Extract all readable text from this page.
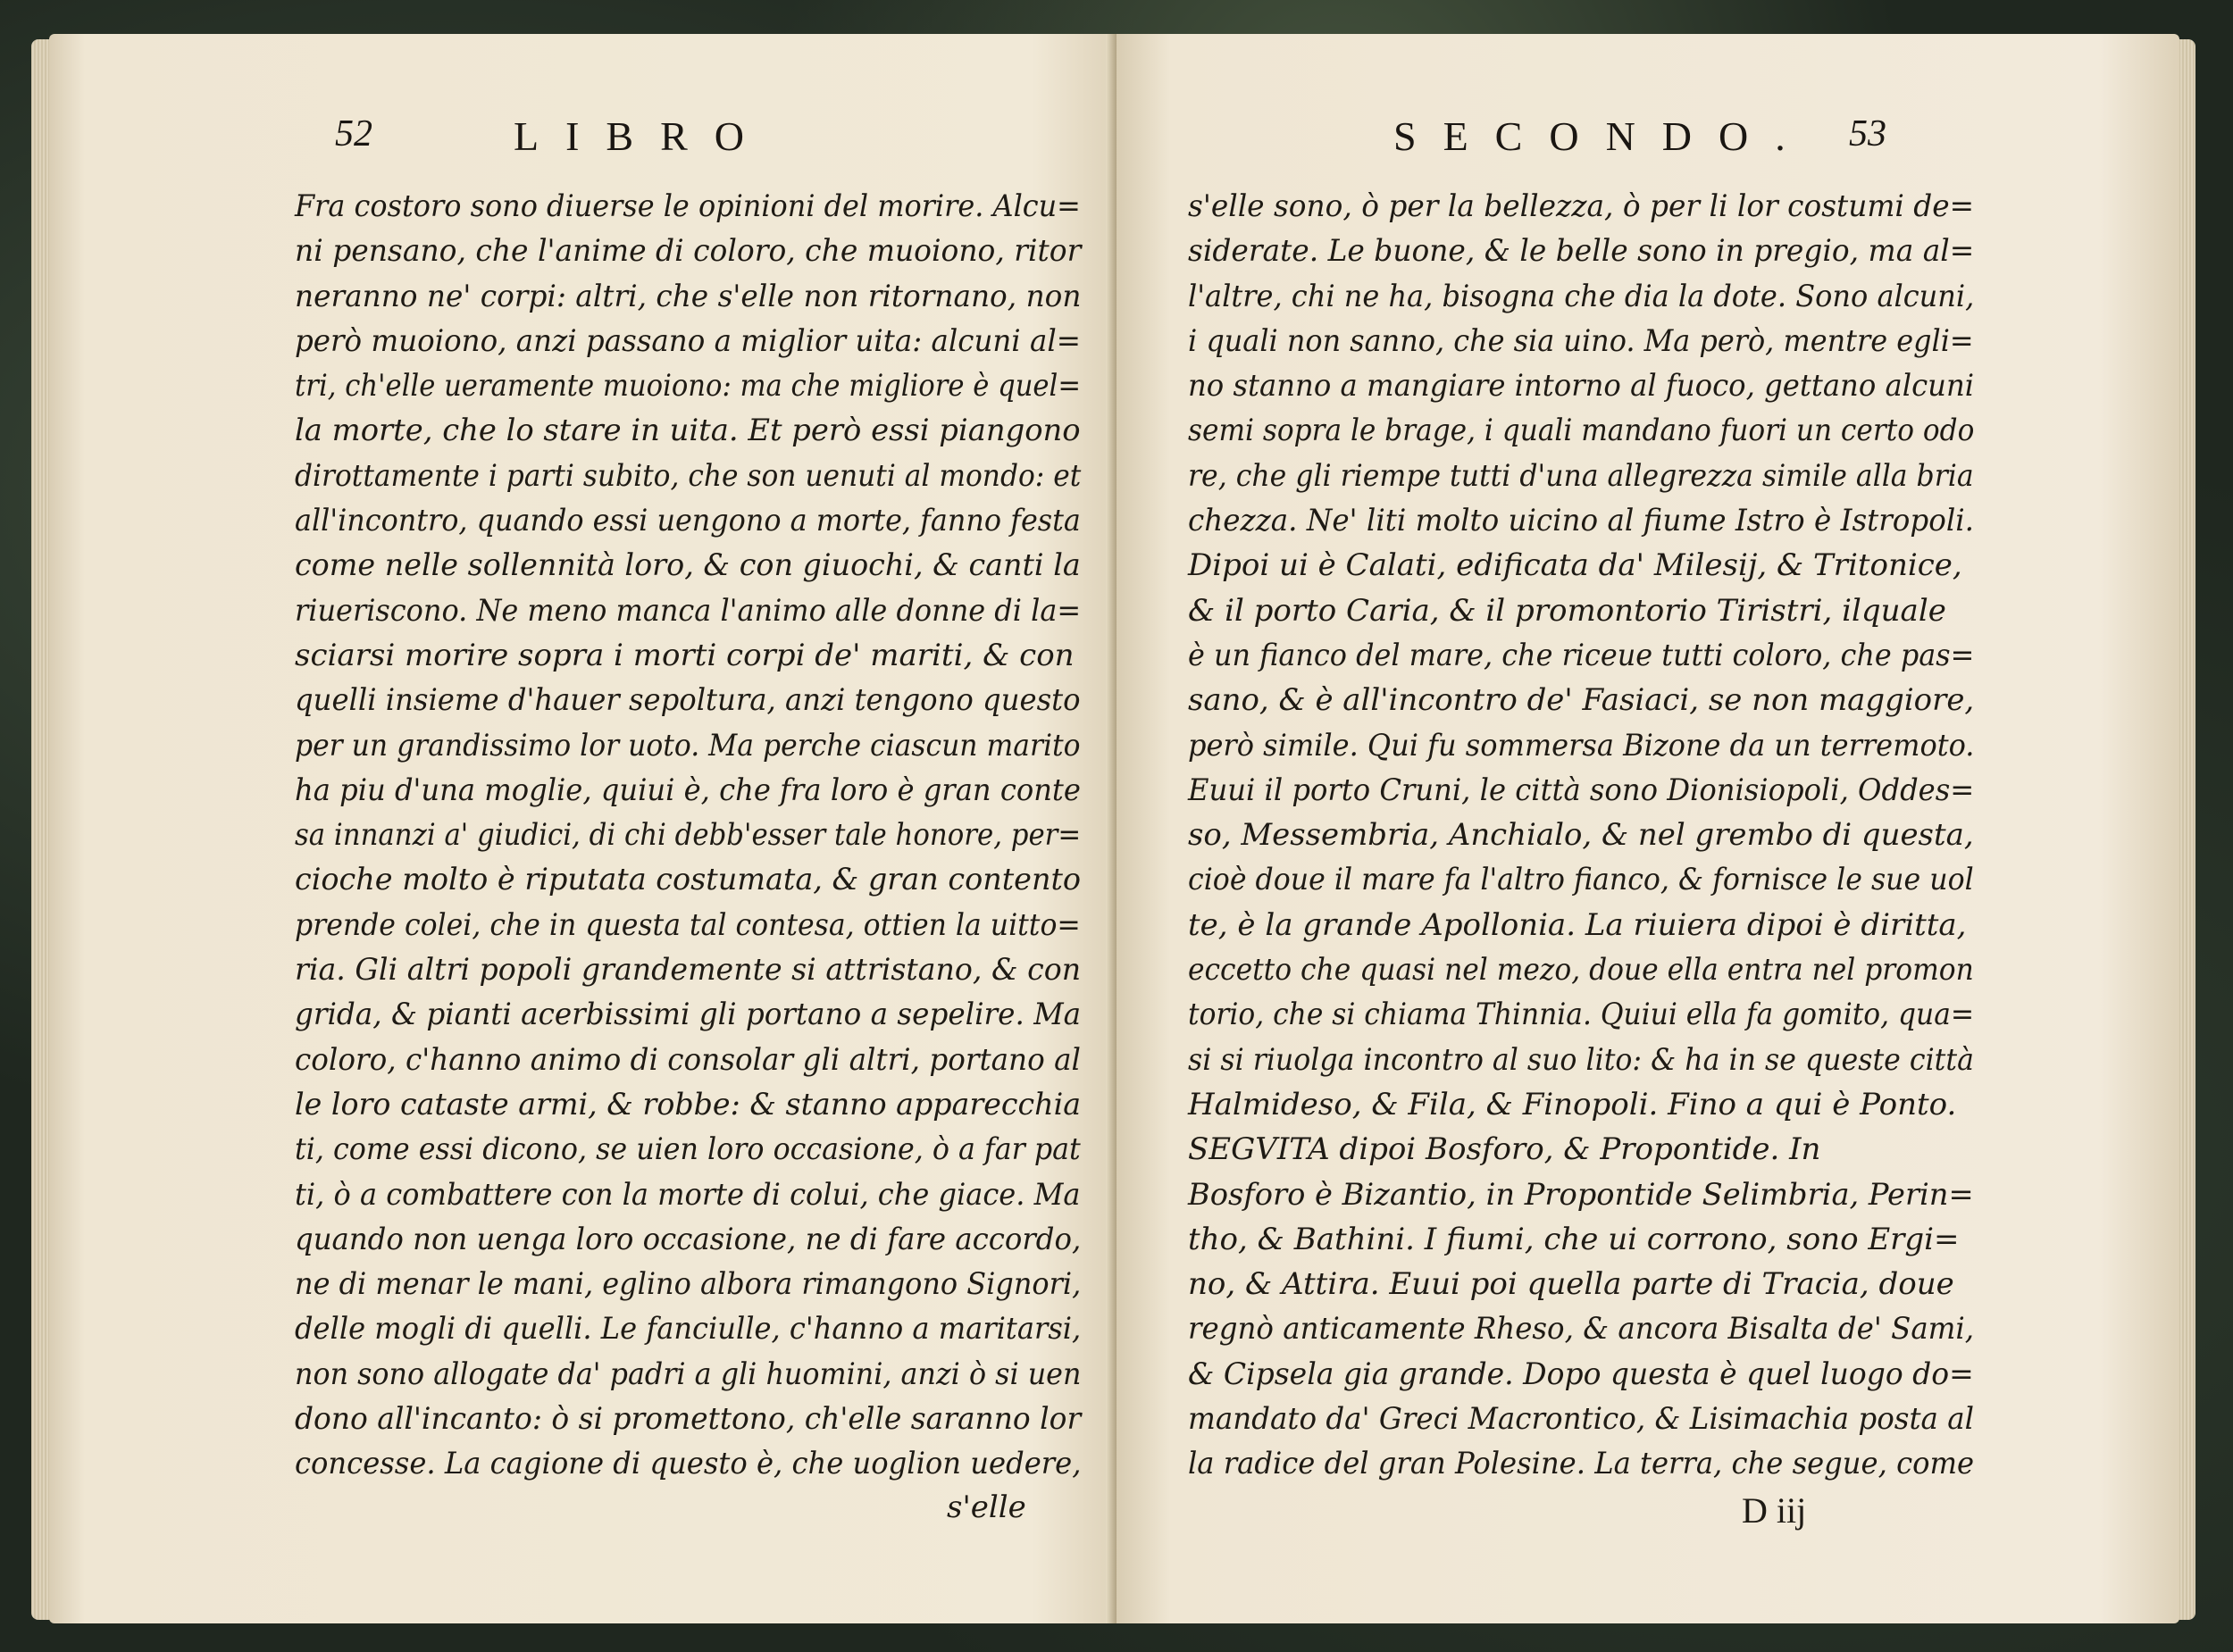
52	LIBRO
Fra costoro sono diuerse le opinioni del morire. Alcu=
ni pensano, che l'anime di coloro, che muoiono, ritor
neranno ne' corpi: altri, che s'elle non ritornano, non
però muoiono, anzi passano a miglior uita: alcuni al=
tri, ch'elle ueramente muoiono: ma che migliore è quel=
la morte, che lo stare in uita. Et però essi piangono
dirottamente i parti subito, che son uenuti al mondo: et
all'incontro, quando essi uengono a morte, fanno festa
come nelle sollennità loro, & con giuochi, & canti la
riueriscono. Ne meno manca l'animo alle donne di la=
sciarsi morire sopra i morti corpi de' mariti, & con
quelli insieme d'hauer sepoltura, anzi tengono questo
per un grandissimo lor uoto. Ma perche ciascun marito
ha piu d'una moglie, quiui è, che fra loro è gran conte
sa innanzi a' giudici, di chi debb'esser tale honore, per=
cioche molto è riputata costumata, & gran contento
prende colei, che in questa tal contesa, ottien la uitto=
ria. Gli altri popoli grandemente si attristano, & con
grida, & pianti acerbissimi gli portano a sepelire. Ma
coloro, c'hanno animo di consolar gli altri, portano al
le loro cataste armi, & robbe: & stanno apparecchia
ti, come essi dicono, se uien loro occasione, ò a far pat
ti, ò a combattere con la morte di colui, che giace. Ma
quando non uenga loro occasione, ne di fare accordo,
ne di menar le mani, eglino albora rimangono Signori,
delle mogli di quelli. Le fanciulle, c'hanno a maritarsi,
non sono allogate da' padri a gli huomini, anzi ò si uen
dono all'incanto: ò si promettono, ch'elle saranno lor
concesse. La cagione di questo è, che uoglion uedere,
s'elle
SECONDO. 53
s'elle sono, ò per la bellezza, ò per li lor costumi de=
siderate. Le buone, & le belle sono in pregio, ma al=
l'altre, chi ne ha, bisogna che dia la dote. Sono alcuni,
i quali non sanno, che sia uino. Ma però, mentre egli=
no stanno a mangiare intorno al fuoco, gettano alcuni
semi sopra le brage, i quali mandano fuori un certo odo
re, che gli riempe tutti d'una allegrezza simile alla bria
chezza. Ne' liti molto uicino al fiume Istro è Istropoli.
Dipoi ui è Calati, edificata da' Milesij, & Tritonice,
& il porto Caria, & il promontorio Tiristri, ilquale
è un fianco del mare, che riceue tutti coloro, che pas=
sano, & è all'incontro de' Fasiaci, se non maggiore,
però simile. Qui fu sommersa Bizone da un terremoto.
Euui il porto Cruni, le città sono Dionisiopoli, Oddes=
so, Messembria, Anchialo, & nel grembo di questa,
cioè doue il mare fa l'altro fianco, & fornisce le sue uol
te, è la grande Apollonia. La riuiera dipoi è diritta,
eccetto che quasi nel mezo, doue ella entra nel promon
torio, che si chiama Thinnia. Quiui ella fa gomito, qua=
si si riuolga incontro al suo lito: & ha in se queste città
Halmideso, & Fila, & Finopoli. Fino a qui è Ponto.
SEGVITA dipoi Bosforo, & Propontide. In
Bosforo è Bizantio, in Propontide Selimbria, Perin=
tho, & Bathini. I fiumi, che ui corrono, sono Ergi=
no, & Attira. Euui poi quella parte di Tracia, doue
regnò anticamente Rheso, & ancora Bisalta de' Sami,
& Cipsela gia grande. Dopo questa è quel luogo do=
mandato da' Greci Macrontico, & Lisimachia posta al
la radice del gran Polesine. La terra, che segue, come
D iij
